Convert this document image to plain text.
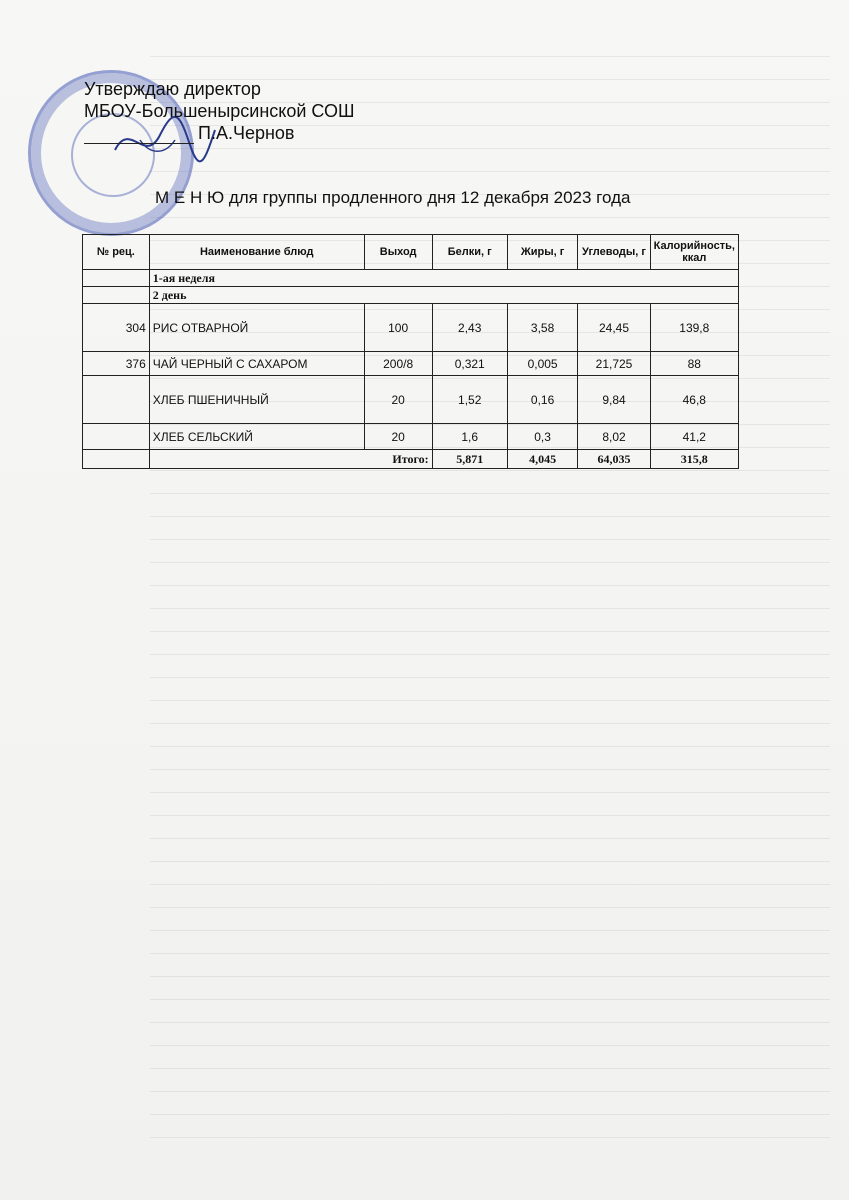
Утверждаю директор
МБОУ-Большенырсинской СОШ
П.А.Чернов
М Е Н Ю для группы продленного дня 12 декабря 2023 года
№ рец.	Наименование блюд	Выход	Белки, г	Жиры, г	Углеводы, г	Калорийность, ккал
	1-ая неделя					
	2 день					
304	РИС ОТВАРНОЙ	100	2,43	3,58	24,45	139,8
376	ЧАЙ ЧЕРНЫЙ С САХАРОМ	200/8	0,321	0,005	21,725	88
	ХЛЕБ ПШЕНИЧНЫЙ	20	1,52	0,16	9,84	46,8
	ХЛЕБ СЕЛЬСКИЙ	20	1,6	0,3	8,02	41,2
	Итого:		5,871	4,045	64,035	315,8
